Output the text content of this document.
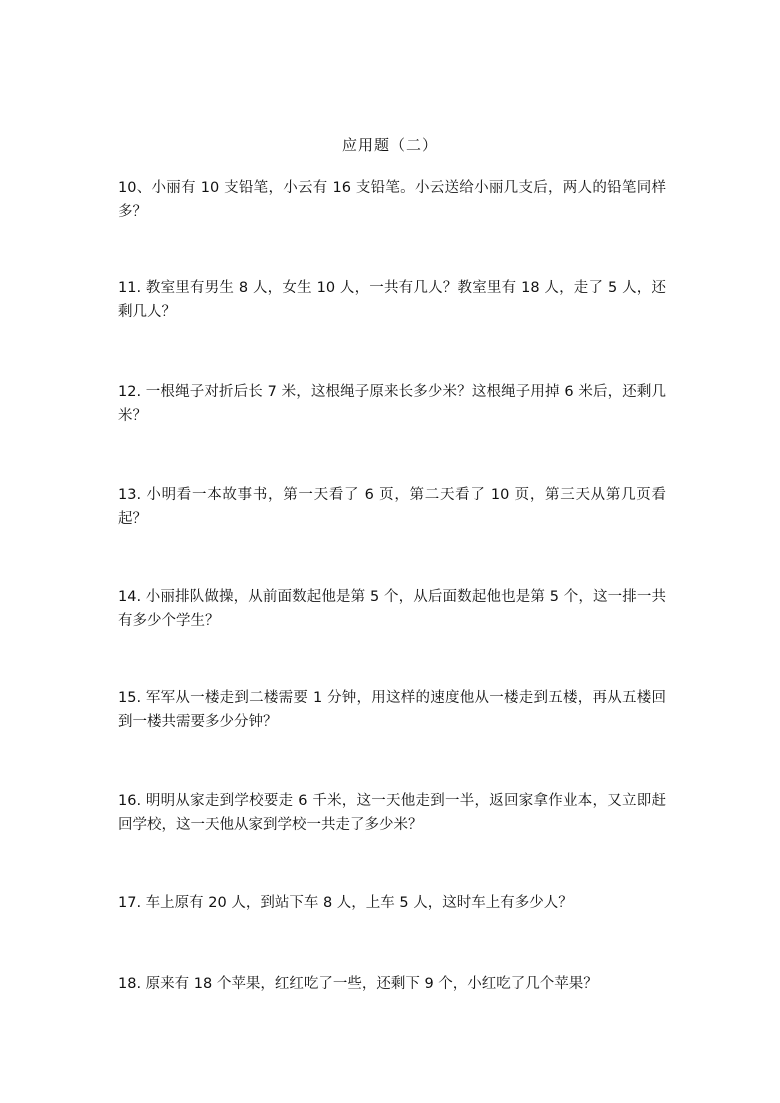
应用题（二）
10、小丽有 10 支铅笔，小云有 16 支铅笔。小云送给小丽几支后，两人的铅笔同样多？
11. 教室里有男生 8 人，女生 10 人，一共有几人？教室里有 18 人，走了 5 人，还剩几人？
12. 一根绳子对折后长 7 米，这根绳子原来长多少米？这根绳子用掉 6 米后，还剩几米？
13. 小明看一本故事书，第一天看了 6 页，第二天看了 10 页，第三天从第几页看起？
14. 小丽排队做操，从前面数起他是第 5 个，从后面数起他也是第 5 个，这一排一共有多少个学生？
15. 军军从一楼走到二楼需要 1 分钟，用这样的速度他从一楼走到五楼，再从五楼回到一楼共需要多少分钟？
16. 明明从家走到学校要走 6 千米，这一天他走到一半，返回家拿作业本，又立即赶回学校，这一天他从家到学校一共走了多少米？
17. 车上原有 20 人，到站下车 8 人，上车 5 人，这时车上有多少人？
18. 原来有 18 个苹果，红红吃了一些，还剩下 9 个，小红吃了几个苹果？
